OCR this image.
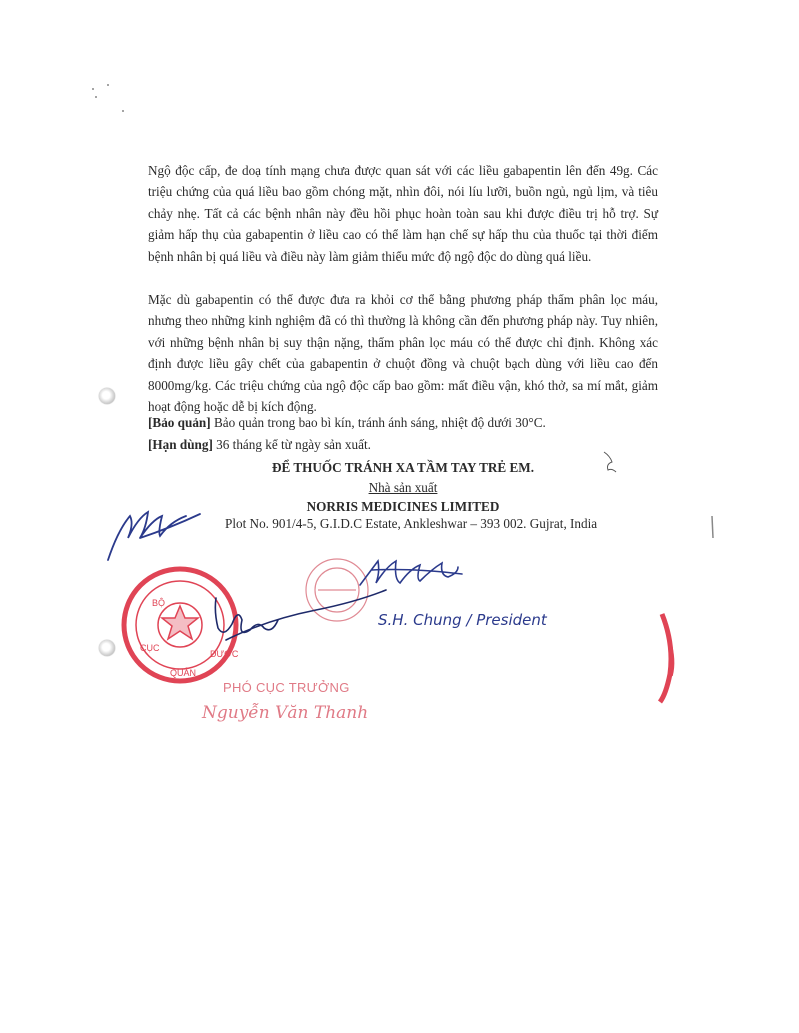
Ngộ độc cấp, đe doạ tính mạng chưa được quan sát với các liều gabapentin lên đến 49g. Các triệu chứng của quá liều bao gồm chóng mặt, nhìn đôi, nói líu lưỡi, buồn ngủ, ngủ lịm, và tiêu chảy nhẹ. Tất cả các bệnh nhân này đều hồi phục hoàn toàn sau khi được điều trị hỗ trợ. Sự giảm hấp thụ của gabapentin ở liều cao có thể làm hạn chế sự hấp thu của thuốc tại thời điểm bệnh nhân bị quá liều và điều này làm giảm thiểu mức độ ngộ độc do dùng quá liều.

Mặc dù gabapentin có thể được đưa ra khỏi cơ thể bằng phương pháp thẩm phân lọc máu, nhưng theo những kinh nghiệm đã có thì thường là không cần đến phương pháp này. Tuy nhiên, với những bệnh nhân bị suy thận nặng, thẩm phân lọc máu có thể được chỉ định. Không xác định được liều gây chết của gabapentin ở chuột đồng và chuột bạch dùng với liều cao đến 8000mg/kg. Các triệu chứng của ngộ độc cấp bao gồm: mất điều vận, khó thở, sa mí mắt, giảm hoạt động hoặc dễ bị kích động.

[Bảo quản] Bảo quản trong bao bì kín, tránh ánh sáng, nhiệt độ dưới 30°C.
[Hạn dùng] 36 tháng kể từ ngày sản xuất.
ĐỂ THUỐC TRÁNH XA TẦM TAY TRẺ EM.
Nhà sản xuất
NORRIS MEDICINES LIMITED
Plot No. 901/4-5, G.I.D.C Estate, Ankleshwar – 393 002. Gujrat, India
BỘ
CỤC
QUẢN
DƯỢC
S.H. Chung / President
Nguyễn Văn Thanh
PHÓ CỤC TRƯỞNG
